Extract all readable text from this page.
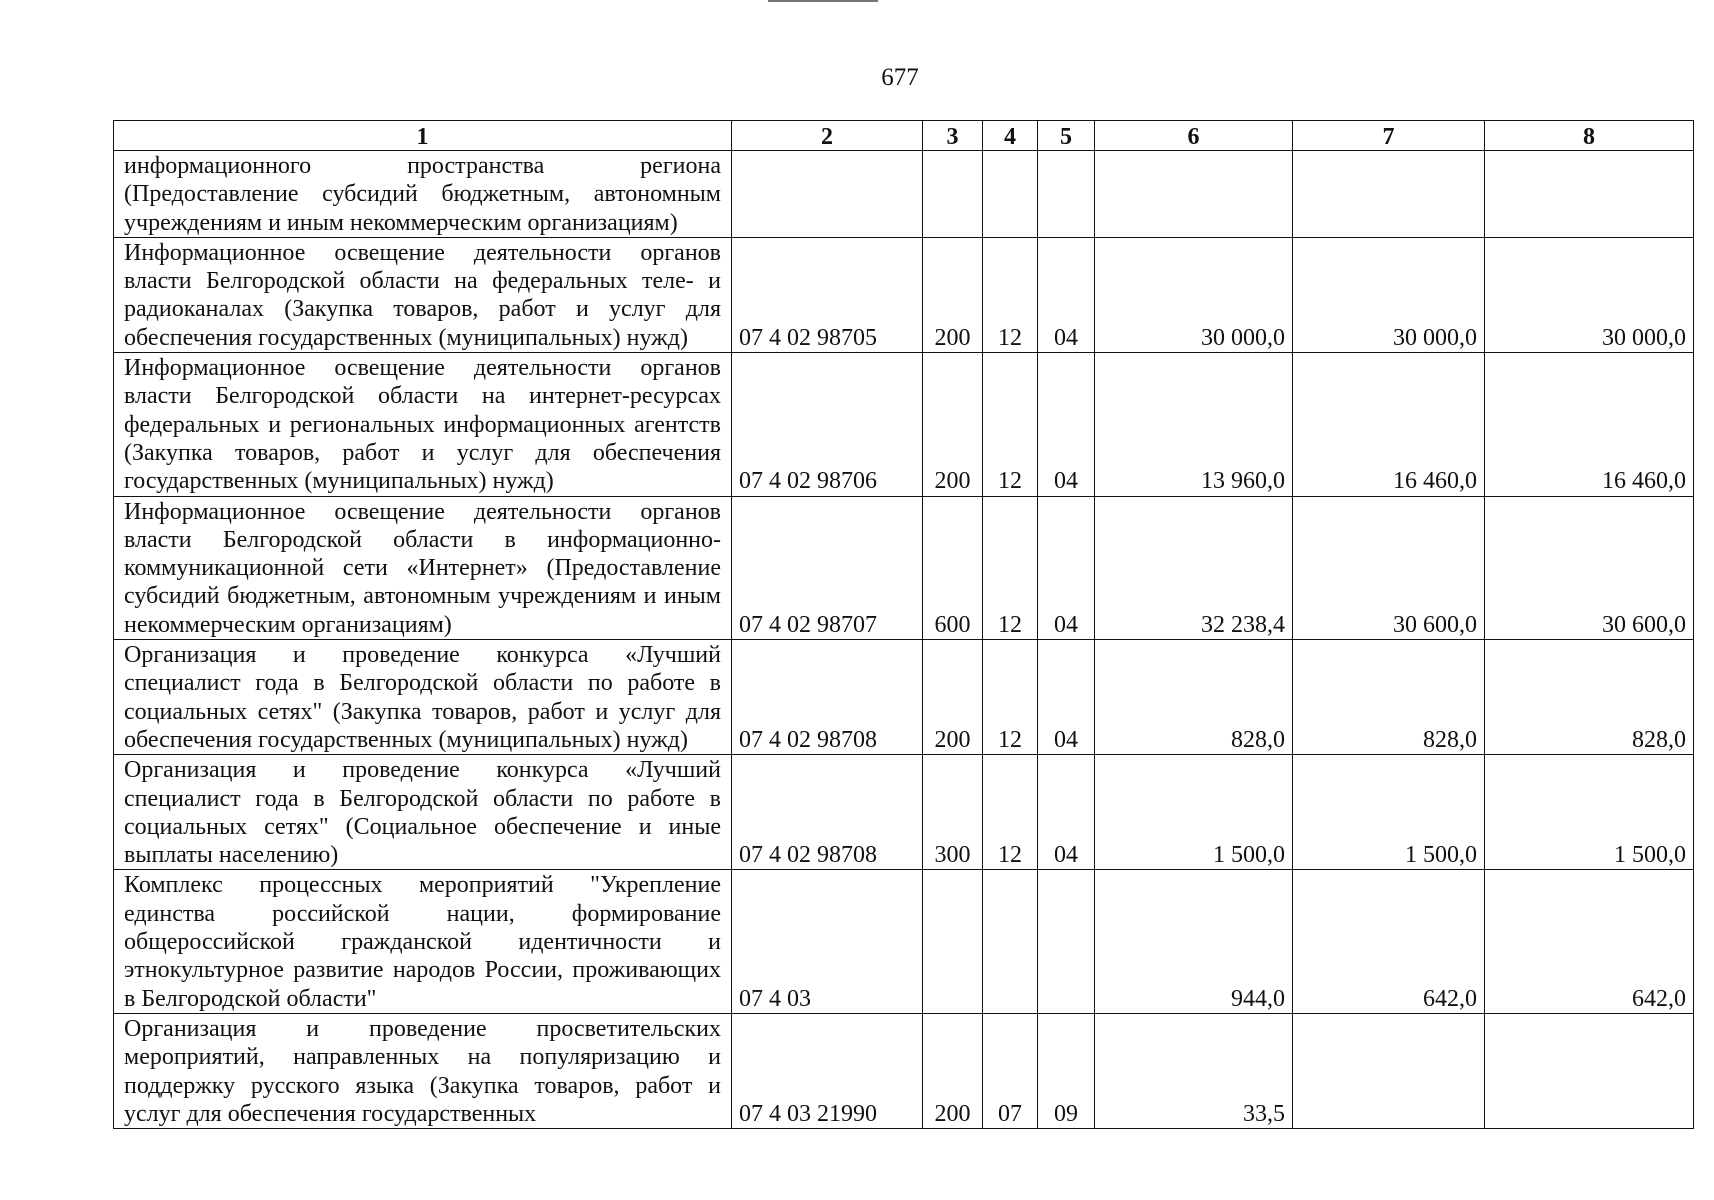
677
1	2	3	4	5	6	7	8
информационного пространства региона (Предоставление субсидий бюджетным, автономным учреждениям и иным некоммерческим организациям)							
Информационное освещение деятельности органов власти Белгородской области на федеральных теле- и радиоканалах (Закупка товаров, работ и услуг для обеспечения государственных (муниципальных) нужд)	07 4 02 98705	200	12	04	30 000,0	30 000,0	30 000,0
Информационное освещение деятельности органов власти Белгородской области на интернет-ресурсах федеральных и региональных информационных агентств (Закупка товаров, работ и услуг для обеспечения государственных (муниципальных) нужд)	07 4 02 98706	200	12	04	13 960,0	16 460,0	16 460,0
Информационное освещение деятельности органов власти Белгородской области в информационно-коммуникационной сети «Интернет» (Предоставление субсидий бюджетным, автономным учреждениям и иным некоммерческим организациям)	07 4 02 98707	600	12	04	32 238,4	30 600,0	30 600,0
Организация и проведение конкурса «Лучший специалист года в Белгородской области по работе в социальных сетях" (Закупка товаров, работ и услуг для обеспечения государственных (муниципальных) нужд)	07 4 02 98708	200	12	04	828,0	828,0	828,0
Организация и проведение конкурса «Лучший специалист года в Белгородской области по работе в социальных сетях" (Социальное обеспечение и иные выплаты населению)	07 4 02 98708	300	12	04	1 500,0	1 500,0	1 500,0
Комплекс процессных мероприятий "Укрепление единства российской нации, формирование общероссийской гражданской идентичности и этнокультурное развитие народов России, проживающих в Белгородской области"	07 4 03				944,0	642,0	642,0
Организация и проведение просветительских мероприятий, направленных на популяризацию и поддержку русского языка (Закупка товаров, работ и услуг для обеспечения государственных	07 4 03 21990	200	07	09	33,5		
